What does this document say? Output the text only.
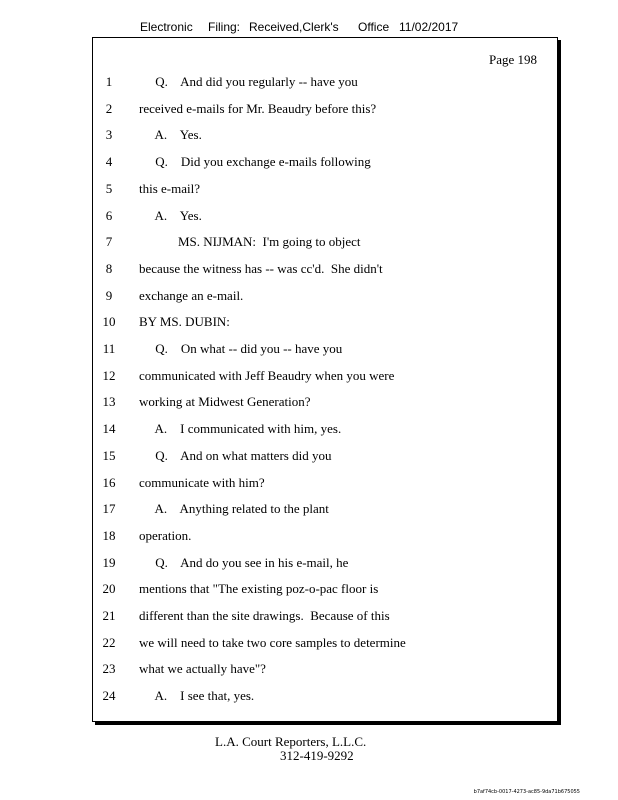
Electronic Filing: Received,Clerk's Office 11/02/2017
Page 198
1	Q.    And did you regularly -- have you
2	received e-mails for Mr. Beaudry before this?
3	A.    Yes.
4	Q.    Did you exchange e-mails following
5	this e-mail?
6	A.    Yes.
7	MS. NIJMAN:  I'm going to object
8	because the witness has -- was cc'd.  She didn't
9	exchange an e-mail.
10	BY MS. DUBIN:
11	Q.    On what -- did you -- have you
12	communicated with Jeff Beaudry when you were
13	working at Midwest Generation?
14	A.    I communicated with him, yes.
15	Q.    And on what matters did you
16	communicate with him?
17	A.    Anything related to the plant
18	operation.
19	Q.    And do you see in his e-mail, he
20	mentions that "The existing poz-o-pac floor is
21	different than the site drawings.  Because of this
22	we will need to take two core samples to determine
23	what we actually have"?
24	A.    I see that, yes.
L.A. Court Reporters, L.L.C.
312-419-9292
b7af74cb-0017-4273-ac85-9da71b675055
